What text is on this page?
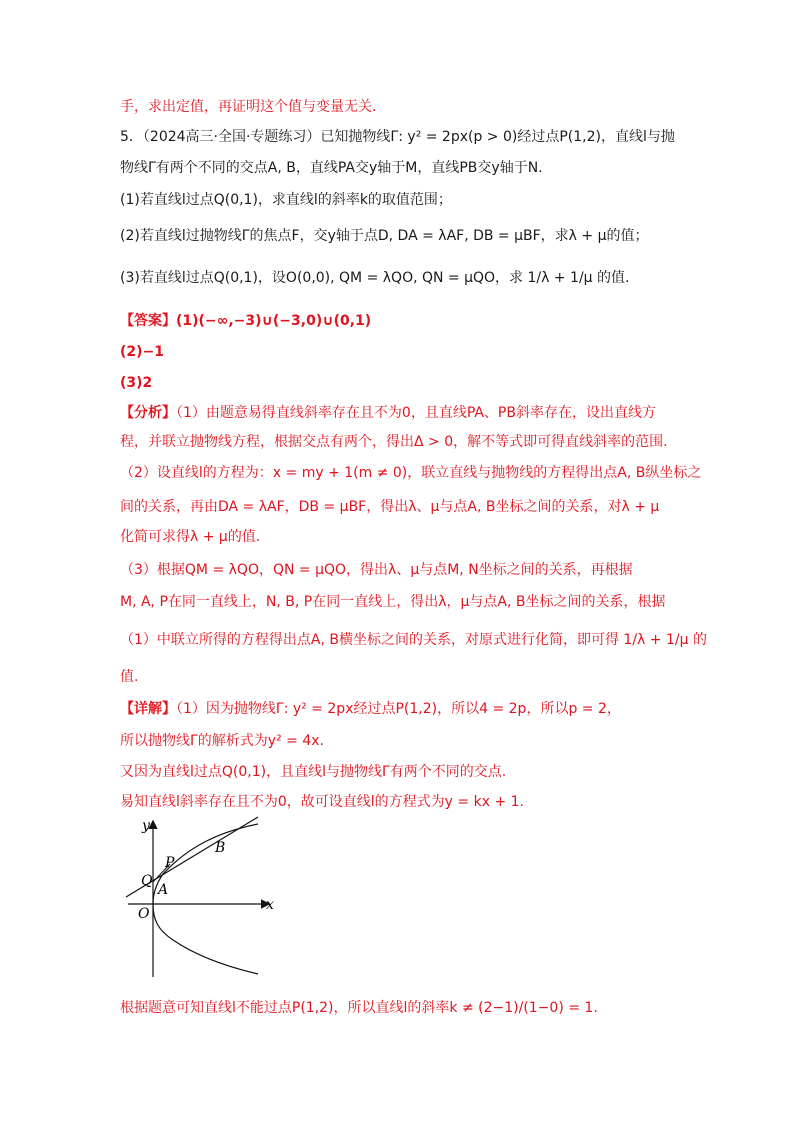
手，求出定值，再证明这个值与变量无关.
5．（2024高三·全国·专题练习）已知抛物线Γ: y² = 2px(p > 0)经过点P(1,2)，直线l与抛
物线Γ有两个不同的交点A, B，直线PA交y轴于M，直线PB交y轴于N.
(1)若直线l过点Q(0,1)，求直线l的斜率k的取值范围；
(2)若直线l过抛物线Γ的焦点F，交y轴于点D, DA = λAF, DB = μBF，求λ + μ的值；
(3)若直线l过点Q(0,1)，设O(0,0), QM = λQO, QN = μQO，求 1/λ + 1/μ 的值.
【答案】(1)(−∞,−3)∪(−3,0)∪(0,1)
(2)−1
(3)2
【分析】（1）由题意易得直线斜率存在且不为0，且直线PA、PB斜率存在，设出直线方
程，并联立抛物线方程，根据交点有两个，得出Δ > 0，解不等式即可得直线斜率的范围.
（2）设直线l的方程为：x = my + 1(m ≠ 0)，联立直线与抛物线的方程得出点A, B纵坐标之
间的关系，再由DA = λAF，DB = μBF，得出λ、μ与点A, B坐标之间的关系，对λ + μ
化简可求得λ + μ的值.
（3）根据QM = λQO，QN = μQO，得出λ、μ与点M, N坐标之间的关系，再根据
M, A, P在同一直线上，N, B, P在同一直线上，得出λ，μ与点A, B坐标之间的关系，根据
（1）中联立所得的方程得出点A, B横坐标之间的关系，对原式进行化简，即可得 1/λ + 1/μ 的
值.
【详解】（1）因为抛物线Γ: y² = 2px经过点P(1,2)，所以4 = 2p，所以p = 2，
所以抛物线Γ的解析式为y² = 4x.
又因为直线l过点Q(0,1)，且直线l与抛物线Γ有两个不同的交点.
易知直线l斜率存在且不为0，故可设直线l的方程式为y = kx + 1.
x
y
O
Q
A
P
B
根据题意可知直线l不能过点P(1,2)，所以直线l的斜率k ≠ (2−1)/(1−0) = 1.
